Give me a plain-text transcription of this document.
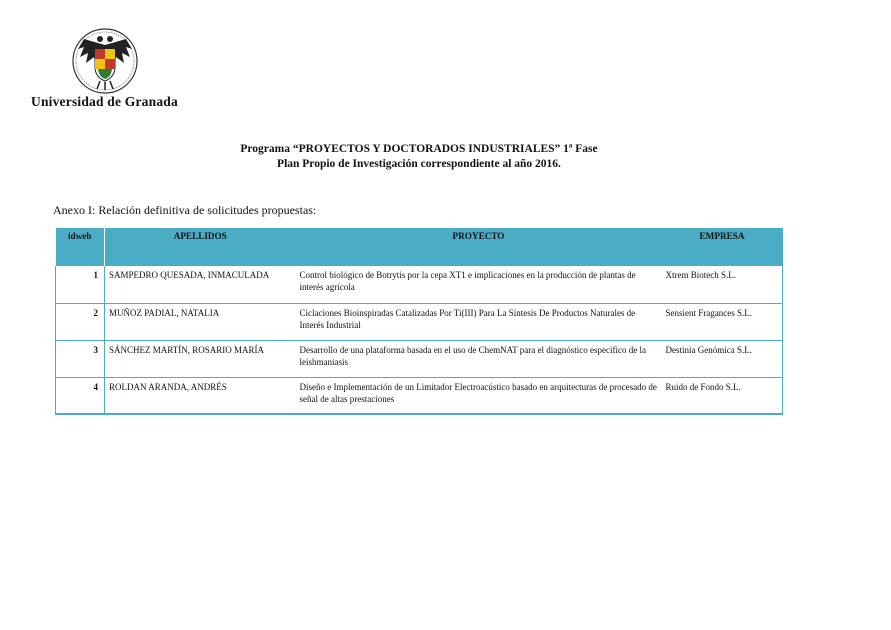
Universidad de Granada
Programa “PROYECTOS Y DOCTORADOS INDUSTRIALES” 1ª Fase
Plan Propio de Investigación correspondiente al año 2016.
Anexo I: Relación definitiva de solicitudes propuestas:
idweb	APELLIDOS	PROYECTO	EMPRESA
1	SAMPEDRO QUESADA, INMACULADA	Control biológico de Botrytis por la cepa XT1 e implicaciones en la producción de plantas de interés agrícola	Xtrem Biotech S.L.
2	MUÑOZ PADIAL, NATALIA	Ciclaciones Bioinspiradas Catalizadas Por Ti(III) Para La Síntesis De Productos Naturales de Interés Industrial	Sensient Fragances S.L.
3	SÁNCHEZ MARTÍN, ROSARIO MARÍA	Desarrollo de una plataforma basada en el uso de ChemNAT para el diagnóstico específico de la leishmaniasis	Destinia Genómica S.L.
4	ROLDAN ARANDA, ANDRÉS	Diseño e Implementación de un Limitador Electroacústico basado en arquitecturas de procesado de señal de altas prestaciones	Ruido de Fondo S.L.
